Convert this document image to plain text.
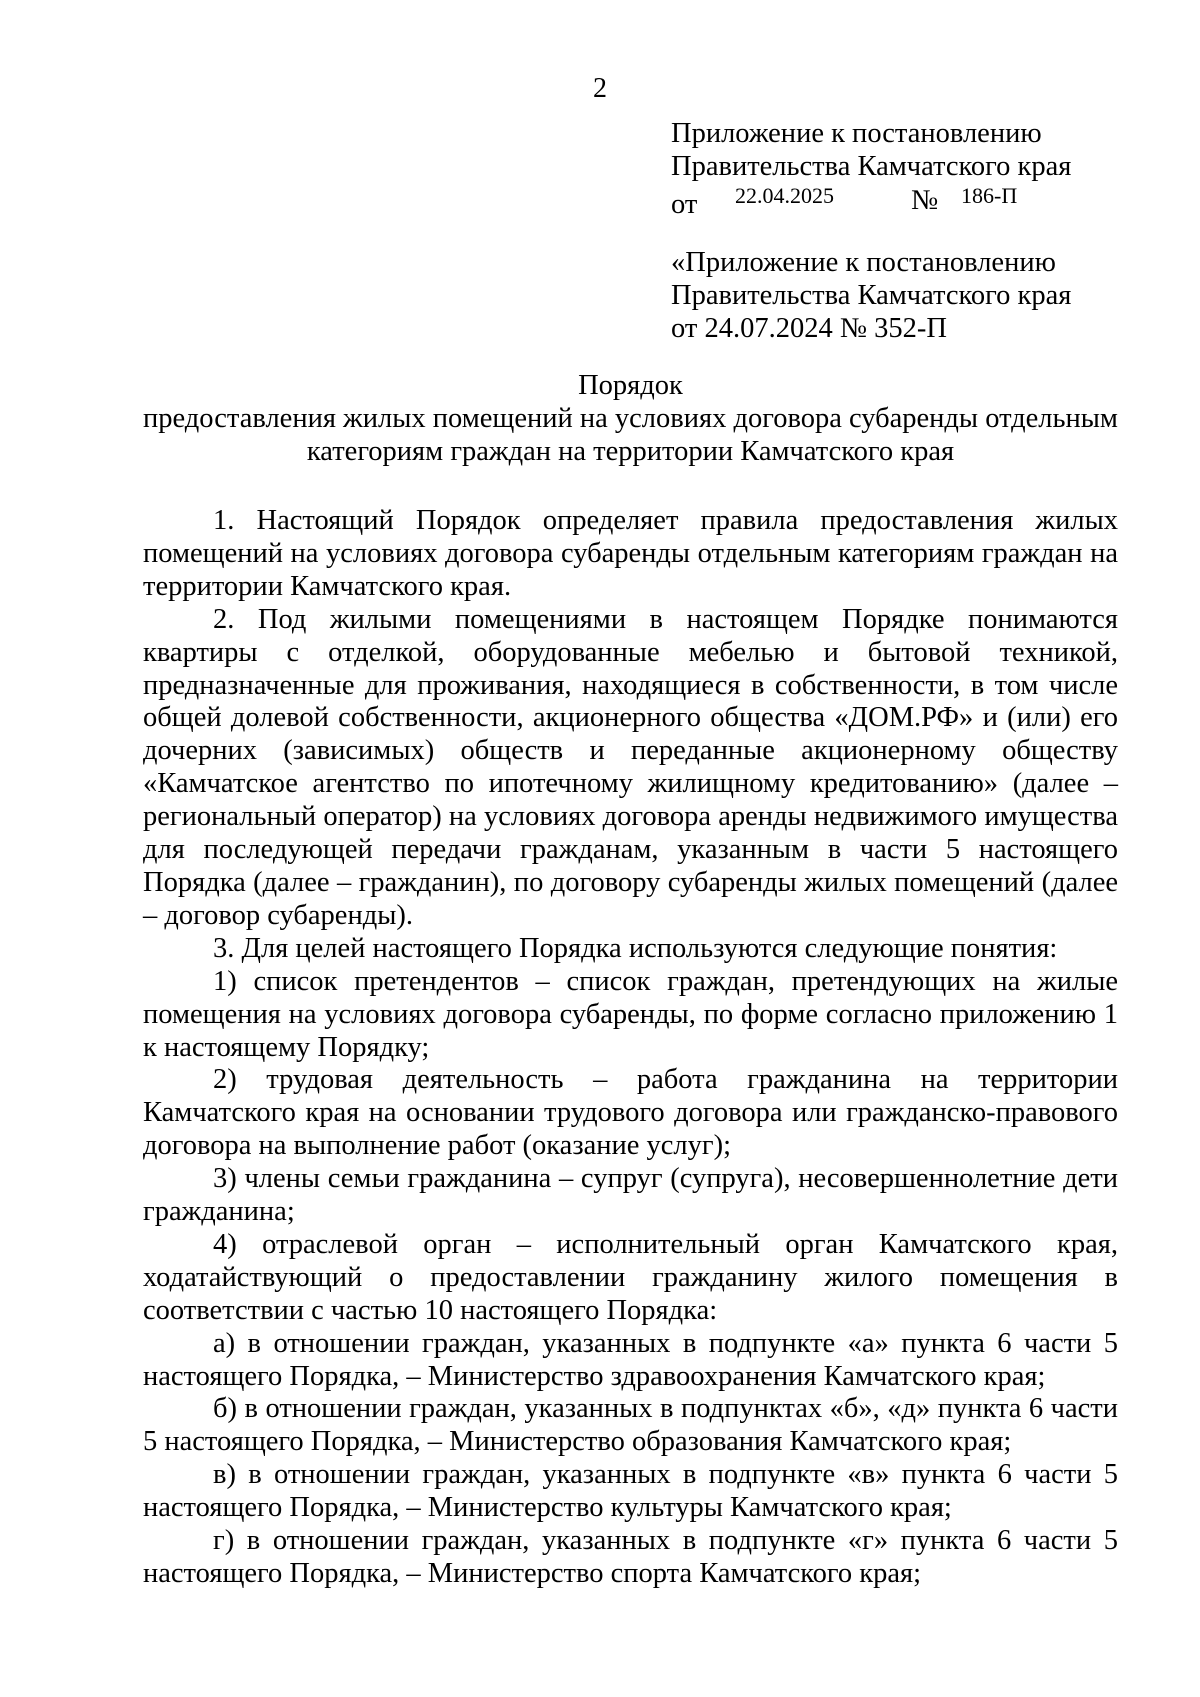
2
Приложение к постановлению
Правительства Камчатского края
от 22.04.2025	№ 186-П
«Приложение к постановлению
Правительства Камчатского края
от 24.07.2024 № 352-П
Порядок
предоставления жилых помещений на условиях договора субаренды отдельным категориям граждан на территории Камчатского края

1. Настоящий Порядок определяет правила предоставления жилых помещений на условиях договора субаренды отдельным категориям граждан на территории Камчатского края.

2. Под жилыми помещениями в настоящем Порядке понимаются квартиры с отделкой, оборудованные мебелью и бытовой техникой, предназначенные для проживания, находящиеся в собственности, в том числе общей долевой собственности, акционерного общества «ДОМ.РФ» и (или) его дочерних (зависимых) обществ и переданные акционерному обществу «Камчатское агентство по ипотечному жилищному кредитованию» (далее – региональный оператор) на условиях договора аренды недвижимого имущества для последующей передачи гражданам, указанным в части 5 настоящего Порядка (далее – гражданин), по договору субаренды жилых помещений (далее – договор субаренды).

3. Для целей настоящего Порядка используются следующие понятия:

1) список претендентов – список граждан, претендующих на жилые помещения на условиях договора субаренды, по форме согласно приложению 1 к настоящему Порядку;

2) трудовая деятельность – работа гражданина на территории Камчатского края на основании трудового договора или гражданско-правового договора на выполнение работ (оказание услуг);

3) члены семьи гражданина – супруг (супруга), несовершеннолетние дети гражданина;

4) отраслевой орган – исполнительный орган Камчатского края, ходатайствующий о предоставлении гражданину жилого помещения в соответствии с частью 10 настоящего Порядка:

а) в отношении граждан, указанных в подпункте «а» пункта 6 части 5 настоящего Порядка, – Министерство здравоохранения Камчатского края;

б) в отношении граждан, указанных в подпунктах «б», «д» пункта 6 части 5 настоящего Порядка, – Министерство образования Камчатского края;

в) в отношении граждан, указанных в подпункте «в» пункта 6 части 5 настоящего Порядка, – Министерство культуры Камчатского края;

г) в отношении граждан, указанных в подпункте «г» пункта 6 части 5 настоящего Порядка, – Министерство спорта Камчатского края;
